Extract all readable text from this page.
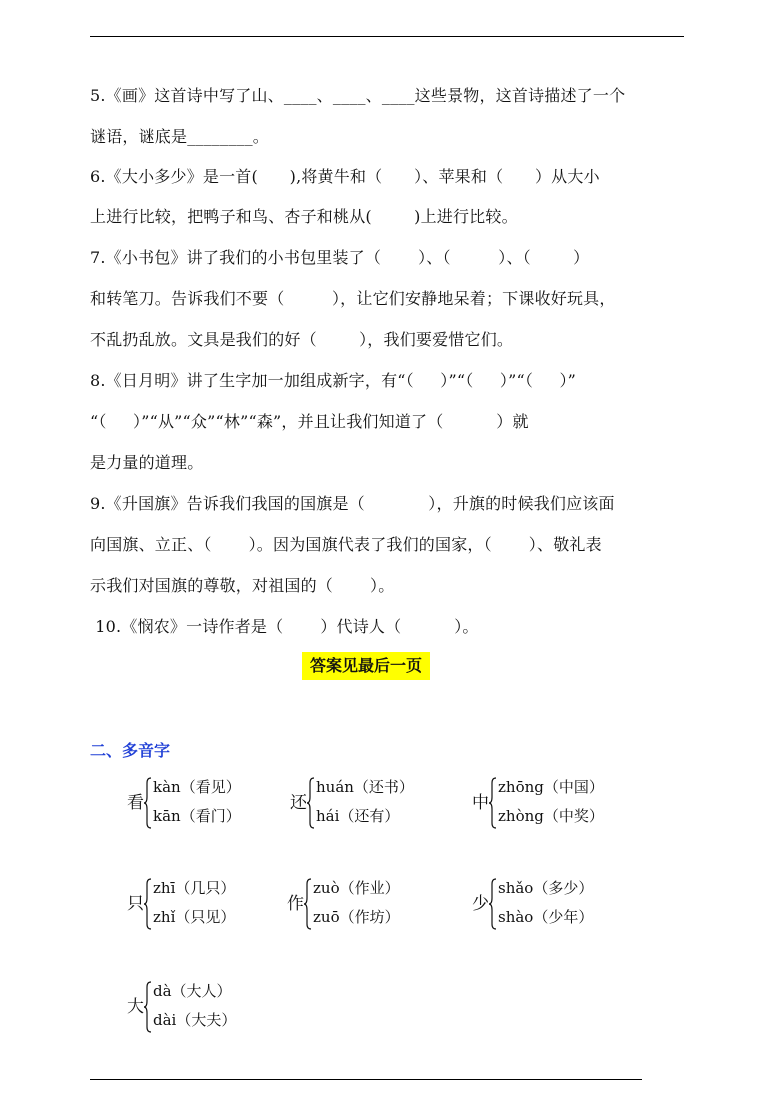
5.《画》这首诗中写了山、____、____、____这些景物，这首诗描述了一个
谜语，谜底是________。
6.《大小多少》是一首(      ),将黄牛和（      ）、苹果和（      ）从大小
上进行比较，把鸭子和鸟、杏子和桃从(        )上进行比较。
7.《小书包》讲了我们的小书包里装了（       ）、（         ）、（        ）
和转笔刀。告诉我们不要（         ），让它们安静地呆着；下课收好玩具，
不乱扔乱放。文具是我们的好（        ），我们要爱惜它们。
8.《日月明》讲了生字加一加组成新字，有“（     ）”“（     ）”“（     ）”
“（     ）”“从”“众”“林”“森”，并且让我们知道了（          ）就
是力量的道理。
9.《升国旗》告诉我们我国的国旗是（            ），升旗的时候我们应该面
向国旗、立正、（       ）。因为国旗代表了我们的国家，（       ）、敬礼表
示我们对国旗的尊敬，对祖国的（       ）。
10.《悯农》一诗作者是（       ）代诗人（          ）。
答案见最后一页
二、多音字
看
kàn（看见）
kān（看门）
还
huán（还书）
hái（还有）
中
zhōng（中国）
zhòng（中奖）
只
zhī（几只）
zhǐ（只见）
作
zuò（作业）
zuō（作坊）
少
shǎo（多少）
shào（少年）
大
dà（大人）
dài（大夫）
